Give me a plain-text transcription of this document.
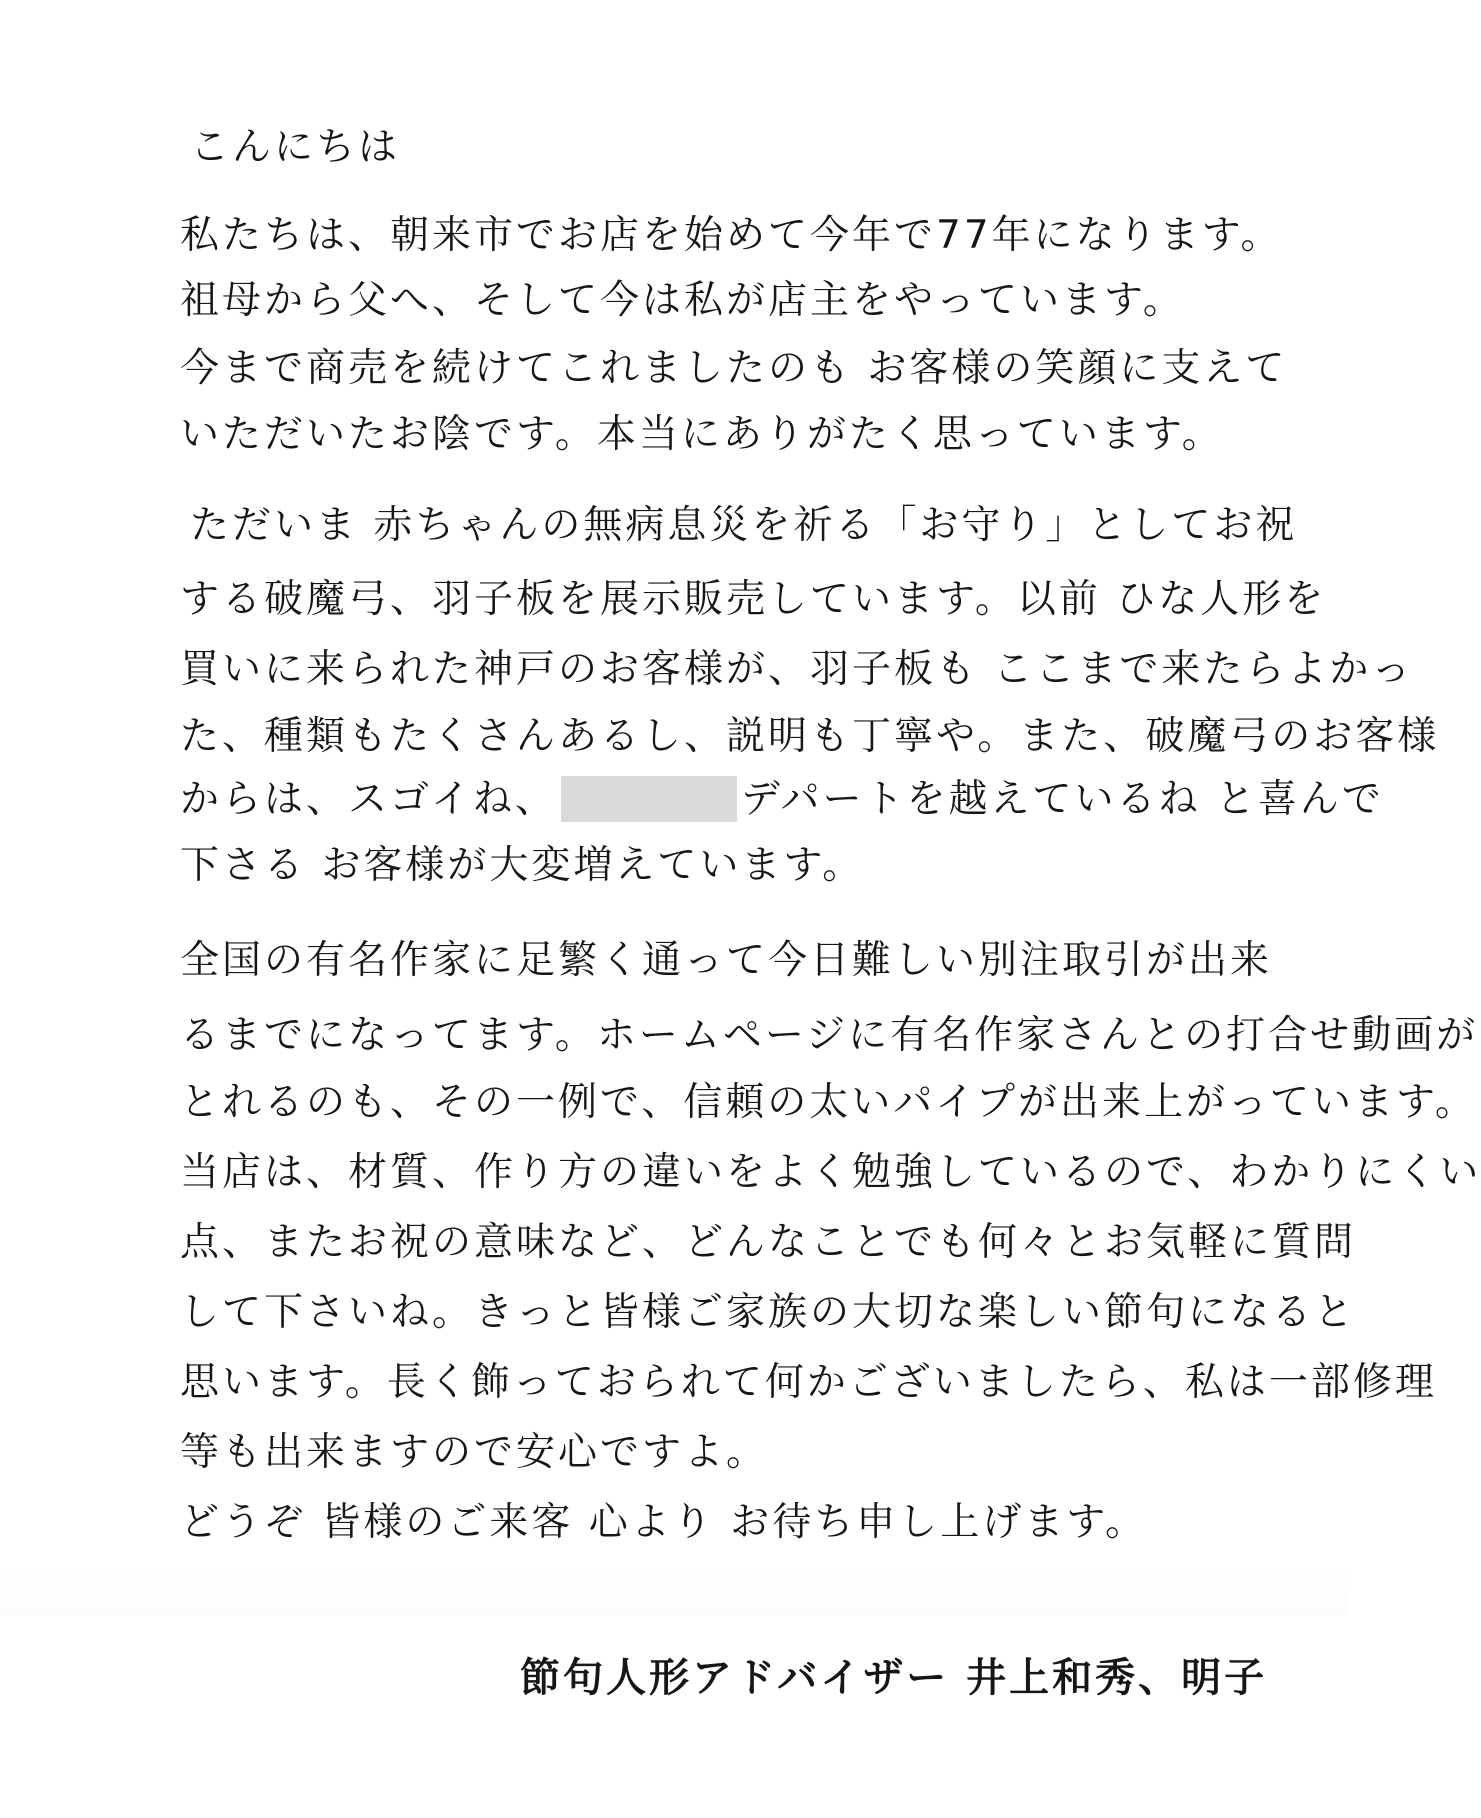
こんにちは
私たちは、朝来市でお店を始めて今年で77年になります。
祖母から父へ、そして今は私が店主をやっています。
今まで商売を続けてこれましたのも お客様の笑顔に支えて
いただいたお陰です。本当にありがたく思っています。
ただいま 赤ちゃんの無病息災を祈る「お守り」としてお祝
する破魔弓、羽子板を展示販売しています。以前 ひな人形を
買いに来られた神戸のお客様が、羽子板も ここまで来たらよかっ
た、種類もたくさんあるし、説明も丁寧や。また、破魔弓のお客様
からは、スゴイね、	デパートを越えているね と喜んで
下さる お客様が大変増えています。
全国の有名作家に足繁く通って今日難しい別注取引が出来
るまでになってます。ホームページに有名作家さんとの打合せ動画が
とれるのも、その一例で、信頼の太いパイプが出来上がっています。
当店は、材質、作り方の違いをよく勉強しているので、わかりにくい
点、またお祝の意味など、どんなことでも何々とお気軽に質問
して下さいね。きっと皆様ご家族の大切な楽しい節句になると
思います。長く飾っておられて何かございましたら、私は一部修理
等も出来ますので安心ですよ。
どうぞ 皆様のご来客 心より お待ち申し上げます。
節句人形アドバイザー 井上和秀、明子
